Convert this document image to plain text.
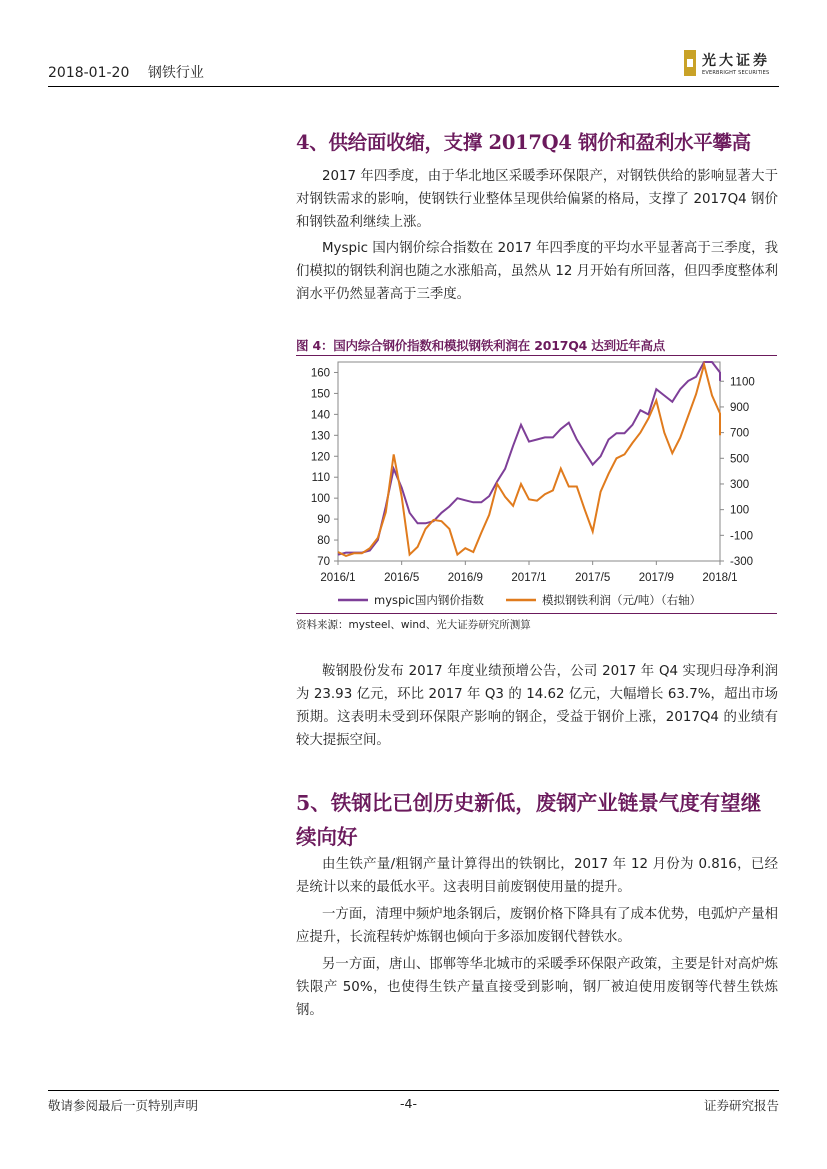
2018-01-20 钢铁行业
光大证券
EVERBRIGHT SECURITIES
4、供给面收缩，支撑 2017Q4 钢价和盈利水平攀高

2017 年四季度，由于华北地区采暖季环保限产，对钢铁供给的影响显著大于对钢铁需求的影响，使钢铁行业整体呈现供给偏紧的格局，支撑了 2017Q4 钢价和钢铁盈利继续上涨。

Myspic 国内钢价综合指数在 2017 年四季度的平均水平显著高于三季度，我们模拟的钢铁利润也随之水涨船高，虽然从 12 月开始有所回落，但四季度整体利润水平仍然显著高于三季度。

图 4：国内综合钢价指数和模拟钢铁利润在 2017Q4 达到近年高点
70
80
90
100
110
120
130
140
150
160
-300
-100
100
300
500
700
900
1100
2016/1 2016/5 2016/9 2017/1 2017/5 2017/9 2018/1
myspic国内钢价指数	模拟钢铁利润（元/吨）（右轴）
资料来源：mysteel、wind、光大证券研究所测算

鞍钢股份发布 2017 年度业绩预增公告，公司 2017 年 Q4 实现归母净利润为 23.93 亿元，环比 2017 年 Q3 的 14.62 亿元，大幅增长 63.7%，超出市场预期。这表明未受到环保限产影响的钢企，受益于钢价上涨，2017Q4 的业绩有较大提振空间。

5、铁钢比已创历史新低，废钢产业链景气度有望继续向好

由生铁产量/粗钢产量计算得出的铁钢比，2017 年 12 月份为 0.816，已经是统计以来的最低水平。这表明目前废钢使用量的提升。

一方面，清理中频炉地条钢后，废钢价格下降具有了成本优势，电弧炉产量相应提升，长流程转炉炼钢也倾向于多添加废钢代替铁水。

另一方面，唐山、邯郸等华北城市的采暖季环保限产政策，主要是针对高炉炼铁限产 50%，也使得生铁产量直接受到影响，钢厂被迫使用废钢等代替生铁炼钢。

敬请参阅最后一页特别声明	-4-	证券研究报告
